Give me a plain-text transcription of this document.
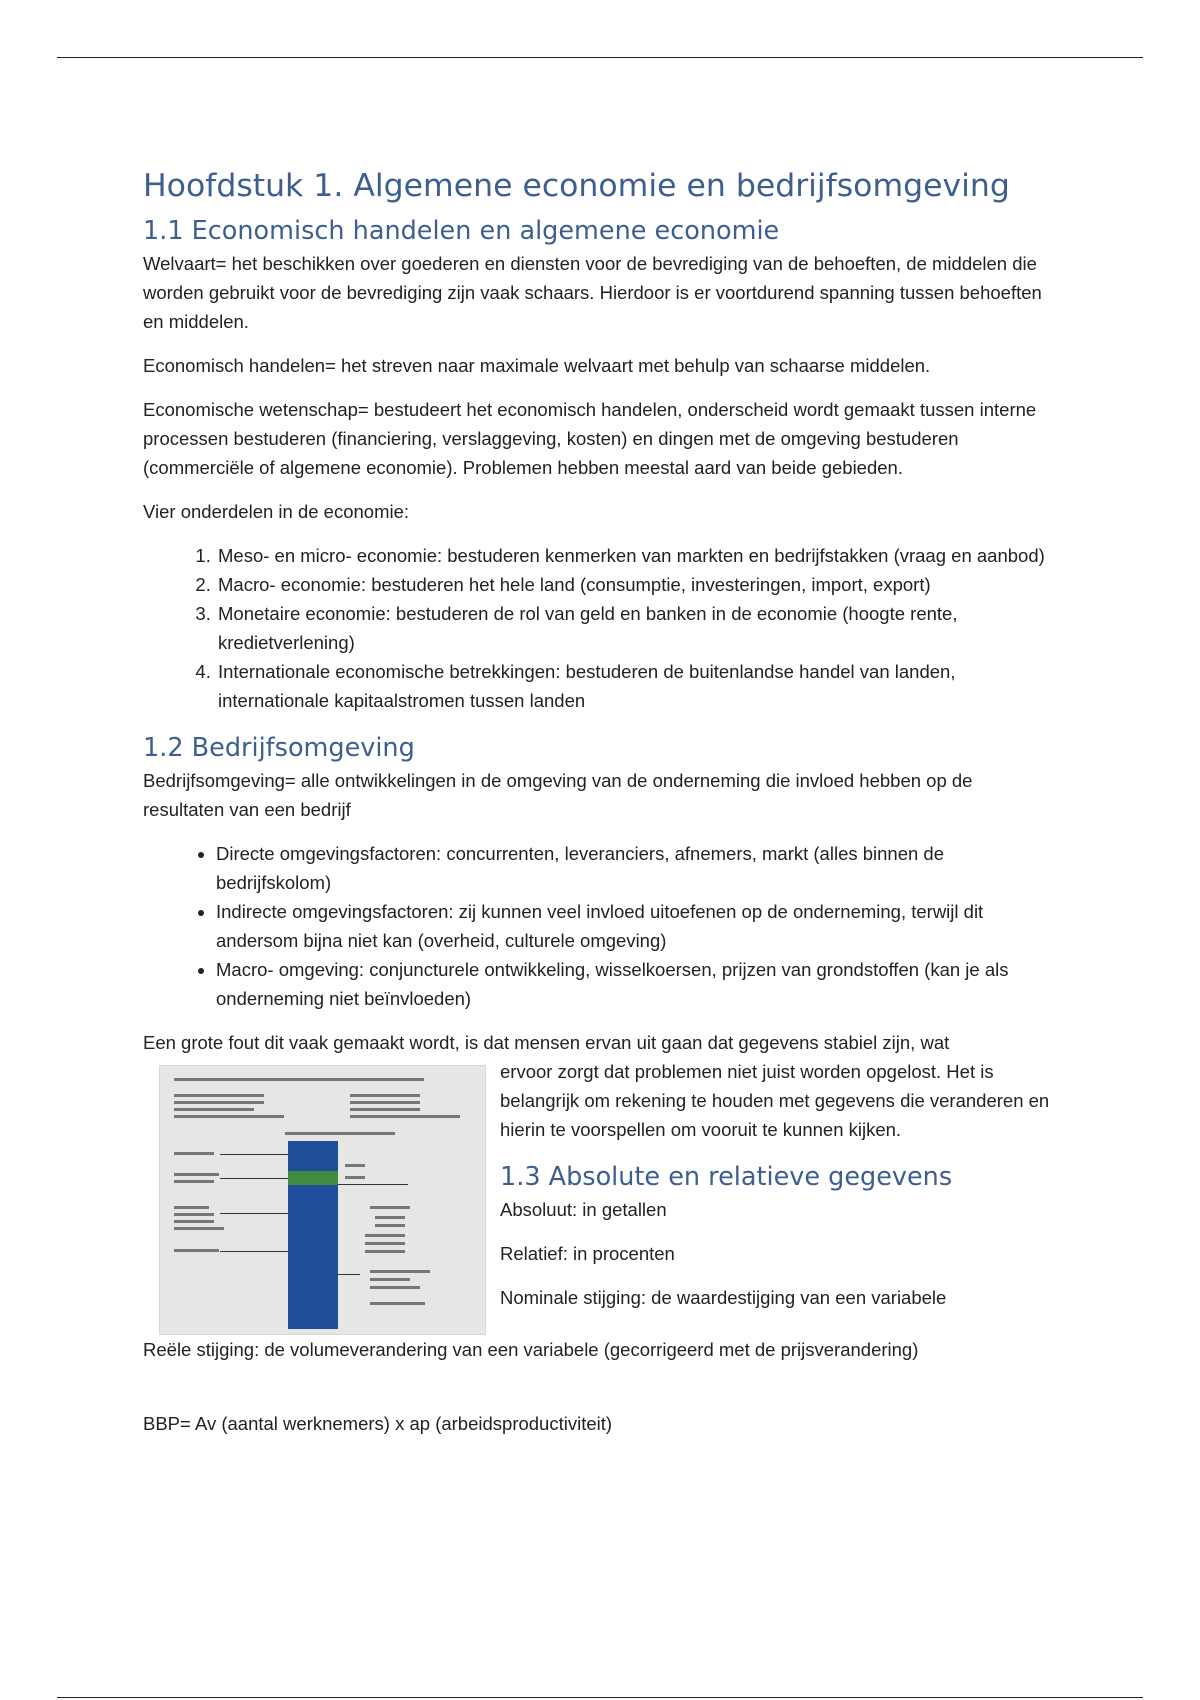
Hoofdstuk 1. Algemene economie en bedrijfsomgeving
1.1 Economisch handelen en algemene economie

Welvaart= het beschikken over goederen en diensten voor de bevrediging van de behoeften, de middelen die worden gebruikt voor de bevrediging zijn vaak schaars. Hierdoor is er voortdurend spanning tussen behoeften en middelen.

Economisch handelen= het streven naar maximale welvaart met behulp van schaarse middelen.

Economische wetenschap= bestudeert het economisch handelen, onderscheid wordt gemaakt tussen interne processen bestuderen (financiering, verslaggeving, kosten) en dingen met de omgeving bestuderen (commerciële of algemene economie). Problemen hebben meestal aard van beide gebieden.

Vier onderdelen in de economie:

1. Meso- en micro- economie: bestuderen kenmerken van markten en bedrijfstakken (vraag en aanbod)
2. Macro- economie: bestuderen het hele land (consumptie, investeringen, import, export)
3. Monetaire economie: bestuderen de rol van geld en banken in de economie (hoogte rente, kredietverlening)
4. Internationale economische betrekkingen: bestuderen de buitenlandse handel van landen, internationale kapitaalstromen tussen landen
1.2 Bedrijfsomgeving

Bedrijfsomgeving= alle ontwikkelingen in de omgeving van de onderneming die invloed hebben op de resultaten van een bedrijf

• Directe omgevingsfactoren: concurrenten, leveranciers, afnemers, markt (alles binnen de bedrijfskolom)
• Indirecte omgevingsfactoren: zij kunnen veel invloed uitoefenen op de onderneming, terwijl dit andersom bijna niet kan (overheid, culturele omgeving)
• Macro- omgeving: conjuncturele ontwikkeling, wisselkoersen, prijzen van grondstoffen (kan je als onderneming niet beïnvloeden)

Een grote fout dit vaak gemaakt wordt, is dat mensen ervan uit gaan dat gegevens stabiel zijn, wat

ervoor zorgt dat problemen niet juist worden opgelost. Het is belangrijk om rekening te houden met gegevens die veranderen en hierin te voorspellen om vooruit te kunnen kijken.

1.3 Absolute en relatieve gegevens

Absoluut: in getallen

Relatief: in procenten

Nominale stijging: de waardestijging van een variabele

Reële stijging: de volumeverandering van een variabele (gecorrigeerd met de prijsverandering)

BBP= Av (aantal werknemers) x ap (arbeidsproductiviteit)
